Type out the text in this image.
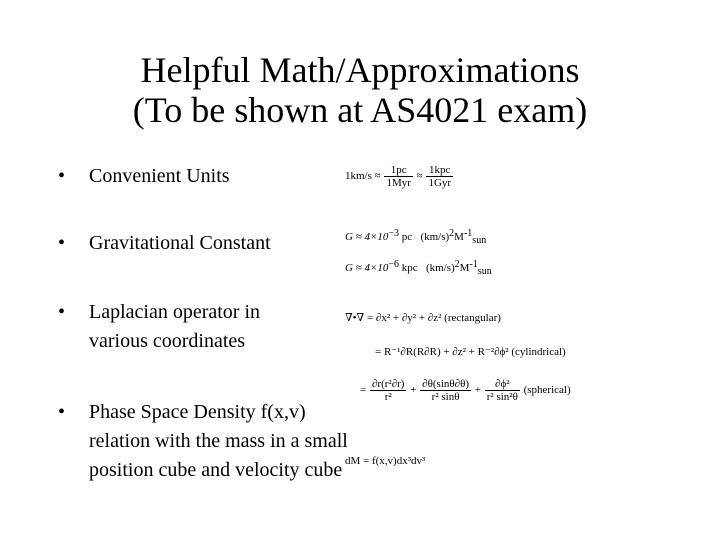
Helpful Math/Approximations
(To be shown at AS4021 exam)
•	Convenient Units
•	Gravitational Constant
•	Laplacian operator in various coordinates
•	Phase Space Density f(x,v) relation with the mass in a small position cube and velocity cube
$1km/s \approx \frac{1pc}{\text{1Myr}} \approx \frac{\text{1kpc}}{\text{1Gyr}}$
$G \approx 4\times 10^{-3}$ pc $(km/s)^2M^{-1}_{sun}$
$G \approx 4\times 10^{-6}$ kpc $(km/s)^2M^{-1}_{sun}$
∇•∇ = ∂x² + ∂y² + ∂z² (rectangular)
= R⁻¹∂R(R∂R) + ∂z² + R⁻²∂ϕ² (cylindrical)
= $\frac{\text{∂r(r²∂r)}}{\text{r²}} + \frac{\partial\theta(\sin\theta\partial\theta)}{\text{r² sinθ}} + \frac{\text{∂ϕ²}}{\text{r² sin²θ}}$ (spherical)
dM = f(x,v)dx³dv³
